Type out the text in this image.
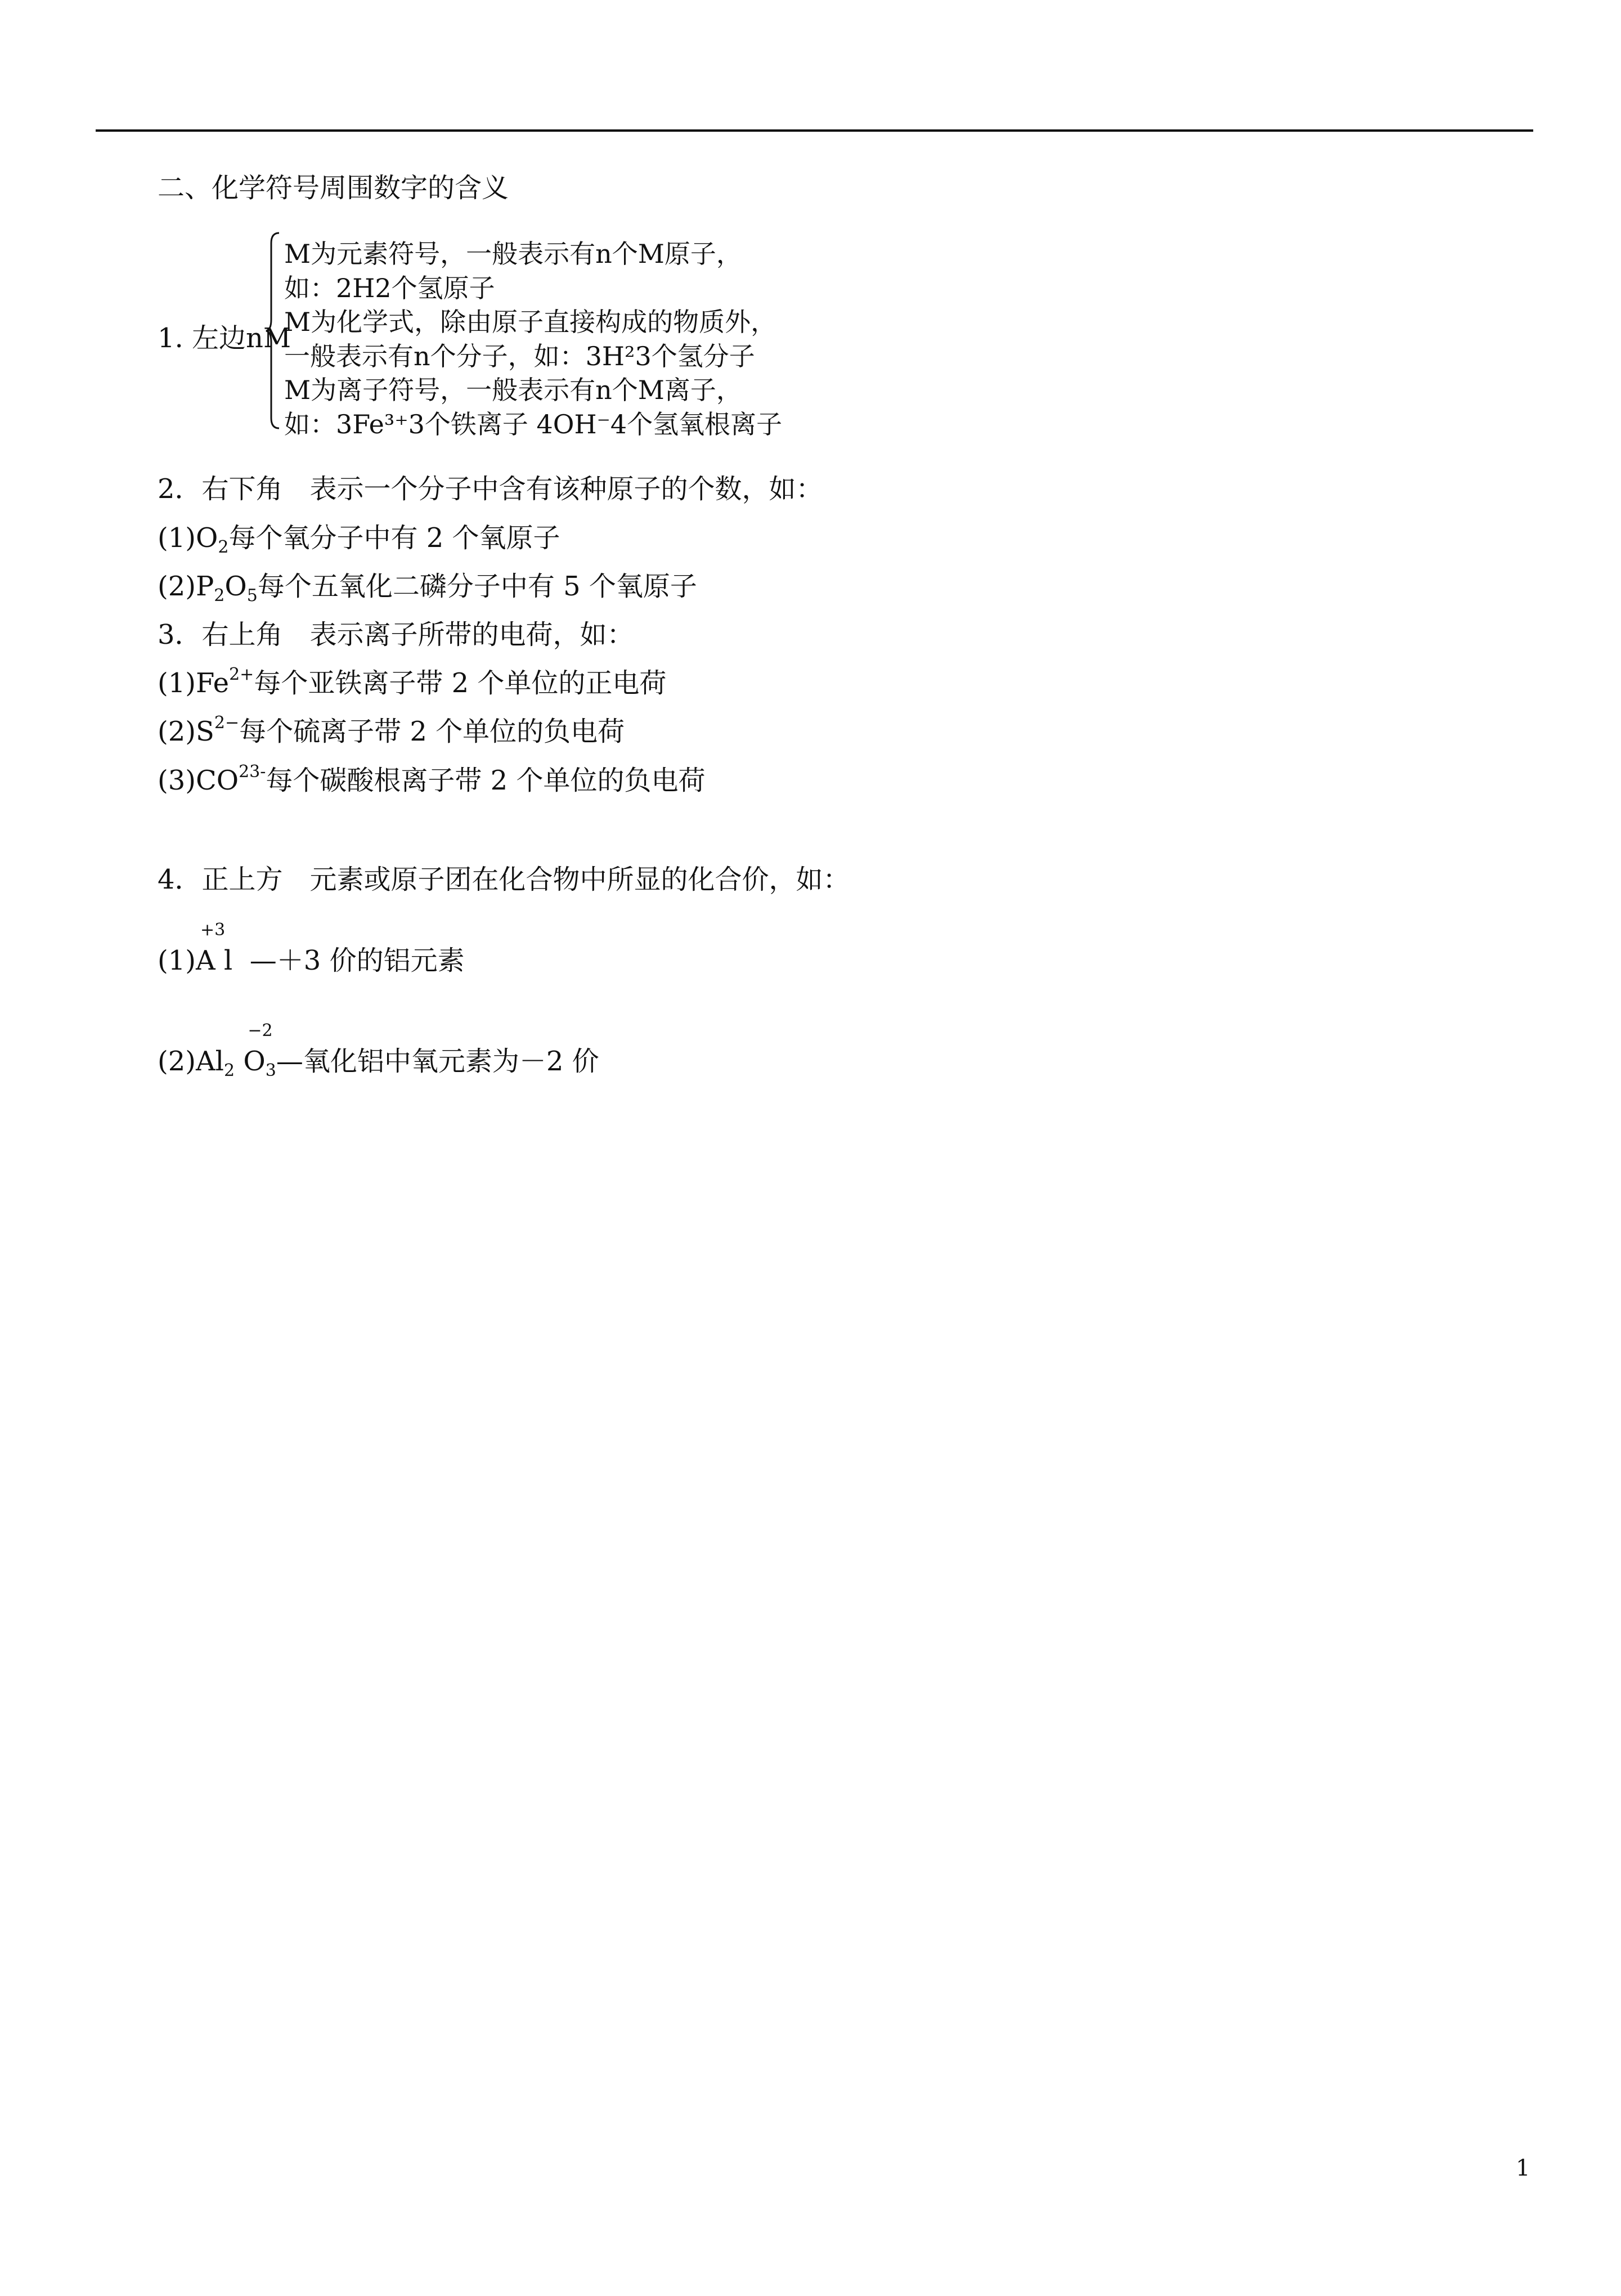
二、化学符号周围数字的含义
1. 左边nM
M为元素符号，一般表示有n个M原子，
如：2H2个氢原子
M为化学式，除由原子直接构成的物质外，
一般表示有n个分子，如：3H²3个氢分子
M为离子符号，一般表示有n个M离子，
如：3Fe³⁺3个铁离子 4OH⁻4个氢氧根离子
2．右下角　表示一个分子中含有该种原子的个数，如：
$(1)O_2$每个氧分子中有 2 个氧原子
$(2)P_2O_5$每个五氧化二磷分子中有 5 个氧原子
3．右上角　表示离子所带的电荷，如：
$(1)Fe^{2+}$每个亚铁离子带 2 个单位的正电荷
$(2)S^{2-}$每个硫离子带 2 个单位的负电荷
$(3)CO^{23-}$每个碳酸根离子带 2 个单位的负电荷
4．正上方　元素或原子团在化合物中所显的化合价，如：
(1)
+3
A l —＋3 价的铝元素
$(2)Al_2$
−2
$O_3—$氧化铝中氧元素为－2 价
1
